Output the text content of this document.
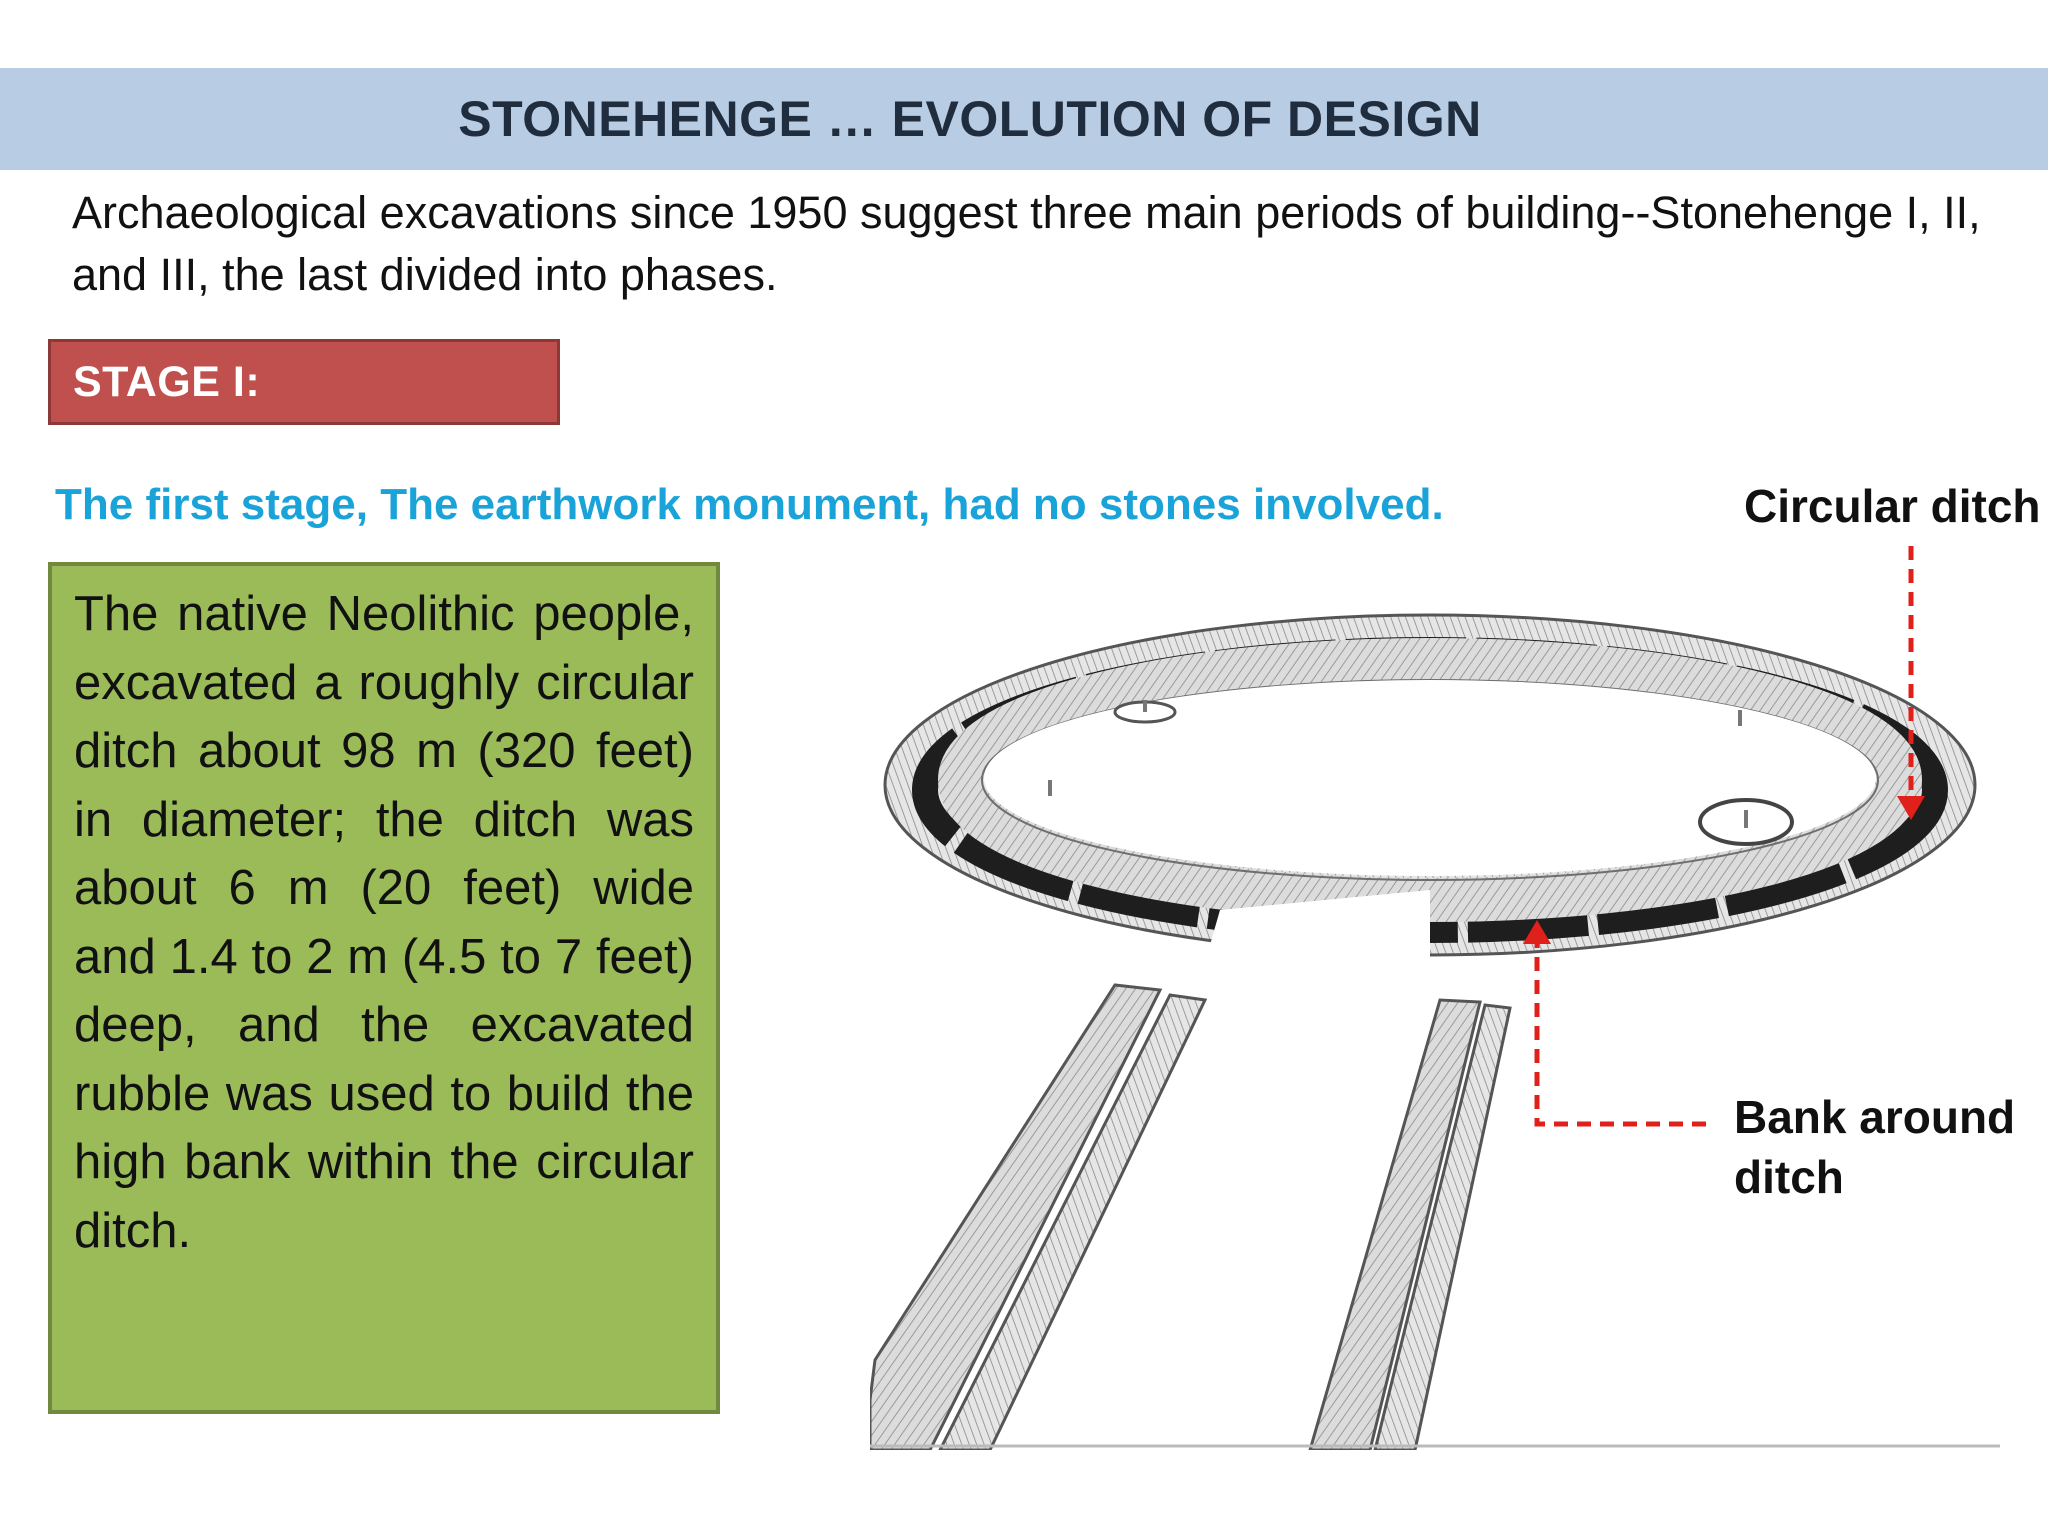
STONEHENGE … EVOLUTION OF DESIGN
Archaeological excavations since 1950 suggest three main periods of building--Stonehenge I, II, and III, the last divided into phases.
STAGE I: EARTHWORK
The first stage, The earthwork monument, had no stones involved.

The native Neolithic people, excavated a roughly circular ditch about 98 m (320 feet) in diameter; the ditch was about 6 m (20 feet) wide and 1.4 to 2 m (4.5 to 7 feet) deep, and the excavated rubble was used to build the high bank within the circular ditch.

Circular ditch
Bank around ditch
